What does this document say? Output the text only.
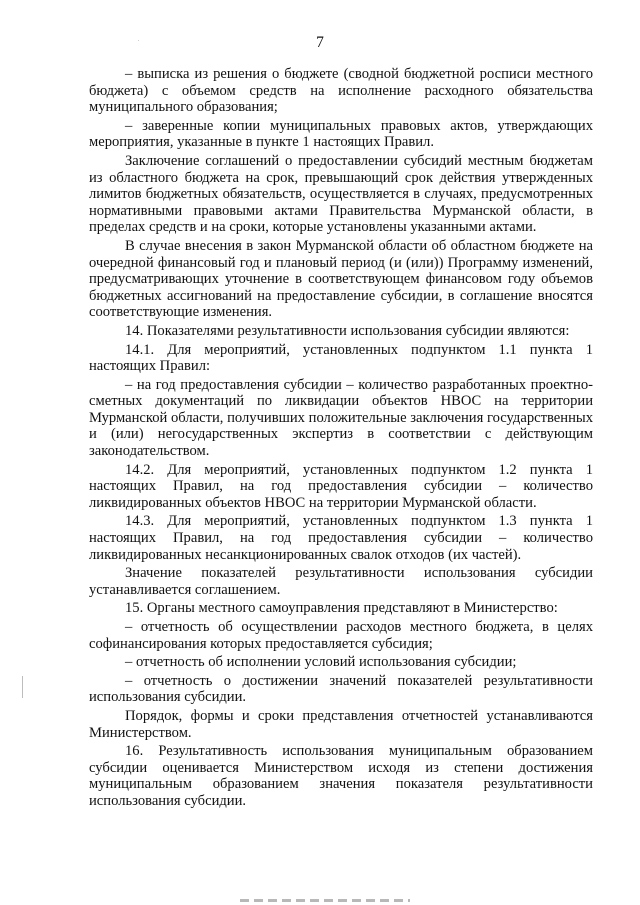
7

– выписка из решения о бюджете (сводной бюджетной росписи местного бюджета) с объемом средств на исполнение расходного обязательства муниципального образования;

– заверенные копии муниципальных правовых актов, утверждающих мероприятия, указанные в пункте 1 настоящих Правил.

Заключение соглашений о предоставлении субсидий местным бюджетам из областного бюджета на срок, превышающий срок действия утвержденных лимитов бюджетных обязательств, осуществляется в случаях, предусмотренных нормативными правовыми актами Правительства Мурманской области, в пределах средств и на сроки, которые установлены указанными актами.

В случае внесения в закон Мурманской области об областном бюджете на очередной финансовый год и плановый период (и (или)) Программу изменений, предусматривающих уточнение в соответствующем финансовом году объемов бюджетных ассигнований на предоставление субсидии, в соглашение вносятся соответствующие изменения.

14. Показателями результативности использования субсидии являются:

14.1. Для мероприятий, установленных подпунктом 1.1 пункта 1 настоящих Правил:

– на год предоставления субсидии – количество разработанных проектно-сметных документаций по ликвидации объектов НВОС на территории Мурманской области, получивших положительные заключения государственных и (или) негосударственных экспертиз в соответствии с действующим законодательством.

14.2. Для мероприятий, установленных подпунктом 1.2 пункта 1 настоящих Правил, на год предоставления субсидии – количество ликвидированных объектов НВОС на территории Мурманской области.

14.3. Для мероприятий, установленных подпунктом 1.3 пункта 1 настоящих Правил, на год предоставления субсидии – количество ликвидированных несанкционированных свалок отходов (их частей).

Значение показателей результативности использования субсидии устанавливается соглашением.

15. Органы местного самоуправления представляют в Министерство:

– отчетность об осуществлении расходов местного бюджета, в целях софинансирования которых предоставляется субсидия;

– отчетность об исполнении условий использования субсидии;

– отчетность о достижении значений показателей результативности использования субсидии.

Порядок, формы и сроки представления отчетностей устанавливаются Министерством.

16. Результативность использования муниципальным образованием субсидии оценивается Министерством исходя из степени достижения муниципальным образованием значения показателя результативности использования субсидии.
